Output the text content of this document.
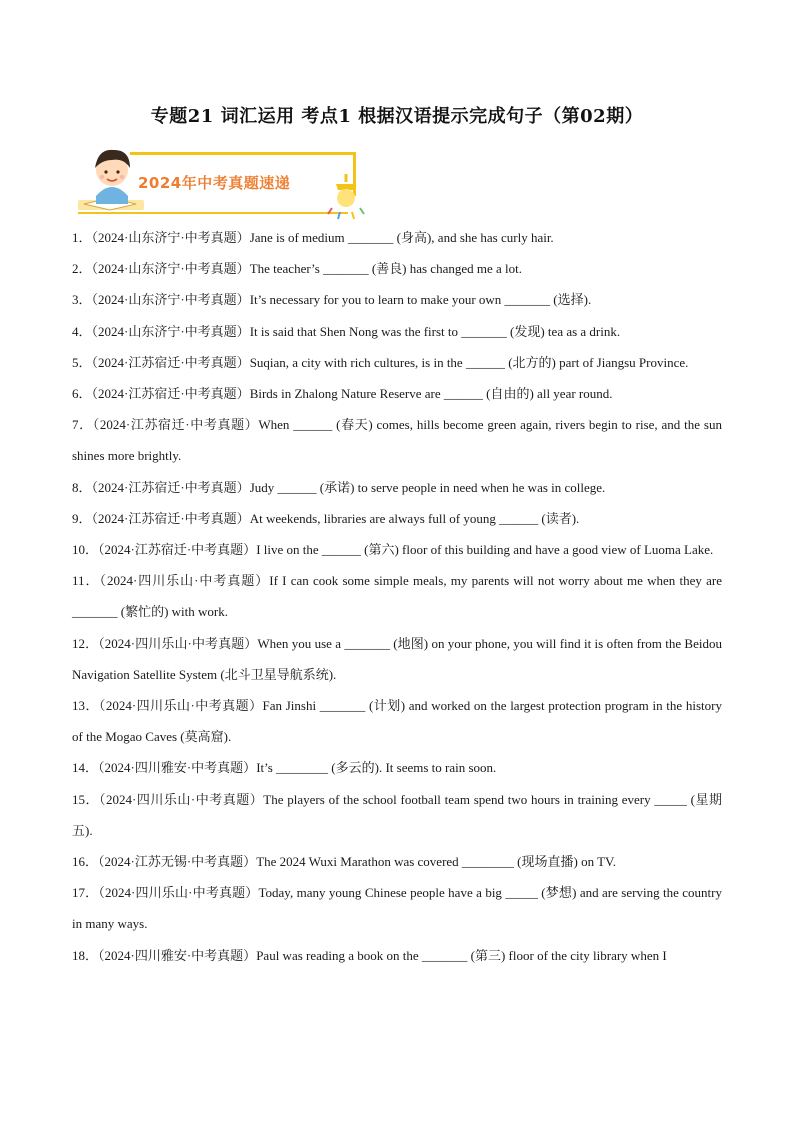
专题21 词汇运用 考点1 根据汉语提示完成句子（第02期）
2024年中考真题速递

1．（2024·山东济宁·中考真题）Jane is of medium _______ (身高), and she has curly hair.

2．（2024·山东济宁·中考真题）The teacher’s _______ (善良) has changed me a lot.

3．（2024·山东济宁·中考真题）It’s necessary for you to learn to make your own _______ (选择).

4．（2024·山东济宁·中考真题）It is said that Shen Nong was the first to _______ (发现) tea as a drink.

5．（2024·江苏宿迁·中考真题）Suqian, a city with rich cultures, is in the ______ (北方的) part of Jiangsu Province.

6．（2024·江苏宿迁·中考真题）Birds in Zhalong Nature Reserve are ______ (自由的) all year round.

7．（2024·江苏宿迁·中考真题）When ______ (春天) comes, hills become green again, rivers begin to rise, and the sun shines more brightly.

8．（2024·江苏宿迁·中考真题）Judy ______ (承诺) to serve people in need when he was in college.

9．（2024·江苏宿迁·中考真题）At weekends, libraries are always full of young ______ (读者).

10．（2024·江苏宿迁·中考真题）I live on the ______ (第六) floor of this building and have a good view of Luoma Lake.

11．（2024·四川乐山·中考真题）If I can cook some simple meals, my parents will not worry about me when they are _______ (繁忙的) with work.

12．（2024·四川乐山·中考真题）When you use a _______ (地图) on your phone, you will find it is often from the Beidou Navigation Satellite System (北斗卫星导航系统).

13．（2024·四川乐山·中考真题）Fan Jinshi _______ (计划) and worked on the largest protection program in the history of the Mogao Caves (莫高窟).

14．（2024·四川雅安·中考真题）It’s ________ (多云的). It seems to rain soon.

15．（2024·四川乐山·中考真题）The players of the school football team spend two hours in training every _____ (星期五).

16．（2024·江苏无锡·中考真题）The 2024 Wuxi Marathon was covered ________ (现场直播) on TV.

17．（2024·四川乐山·中考真题）Today, many young Chinese people have a big _____ (梦想) and are serving the country in many ways.

18．（2024·四川雅安·中考真题）Paul was reading a book on the _______ (第三) floor of the city library when I
